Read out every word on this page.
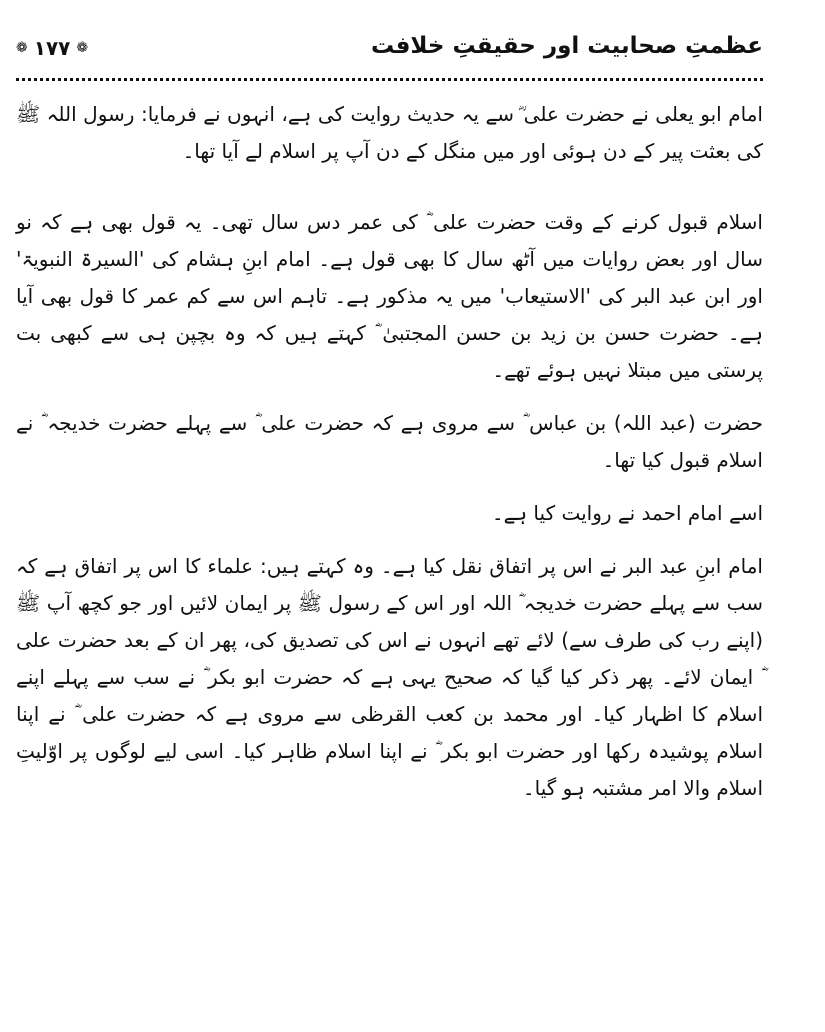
عظمتِ صحابیت اور حقیقتِ خلافت
❁ ۱۷۷ ❁

امام ابو یعلی نے حضرت علی ؓ سے یہ حدیث روایت کی ہے، انہوں نے فرمایا: رسول اللہ ﷺ کی بعثت پیر کے دن ہوئی اور میں منگل کے دن آپ پر اسلام لے آیا تھا۔

اسلام قبول کرنے کے وقت حضرت علی ؓ کی عمر دس سال تھی۔ یہ قول بھی ہے کہ نو سال اور بعض روایات میں آٹھ سال کا بھی قول ہے۔ امام ابنِ ہشام کی 'السیرۃ النبویۃ' اور ابن عبد البر کی 'الاستیعاب' میں یہ مذکور ہے۔ تاہم اس سے کم عمر کا قول بھی آیا ہے۔ حضرت حسن بن زید بن حسن المجتبیٰ ؓ کہتے ہیں کہ وہ بچپن ہی سے کبھی بت پرستی میں مبتلا نہیں ہوئے تھے۔

حضرت (عبد اللہ) بن عباس ؓ سے مروی ہے کہ حضرت علی ؓ سے پہلے حضرت خدیجہ ؓ نے اسلام قبول کیا تھا۔

اسے امام احمد نے روایت کیا ہے۔

امام ابنِ عبد البر نے اس پر اتفاق نقل کیا ہے۔ وہ کہتے ہیں: علماء کا اس پر اتفاق ہے کہ سب سے پہلے حضرت خدیجہ ؓ اللہ اور اس کے رسول ﷺ پر ایمان لائیں اور جو کچھ آپ ﷺ (اپنے رب کی طرف سے) لائے تھے انہوں نے اس کی تصدیق کی، پھر ان کے بعد حضرت علی ؓ ایمان لائے۔ پھر ذکر کیا گیا کہ صحیح یہی ہے کہ حضرت ابو بکر ؓ نے سب سے پہلے اپنے اسلام کا اظہار کیا۔ اور محمد بن کعب القرظی سے مروی ہے کہ حضرت علی ؓ نے اپنا اسلام پوشیدہ رکھا اور حضرت ابو بکر ؓ نے اپنا اسلام ظاہر کیا۔ اسی لیے لوگوں پر اوّلیتِ اسلام والا امر مشتبہ ہو گیا۔
